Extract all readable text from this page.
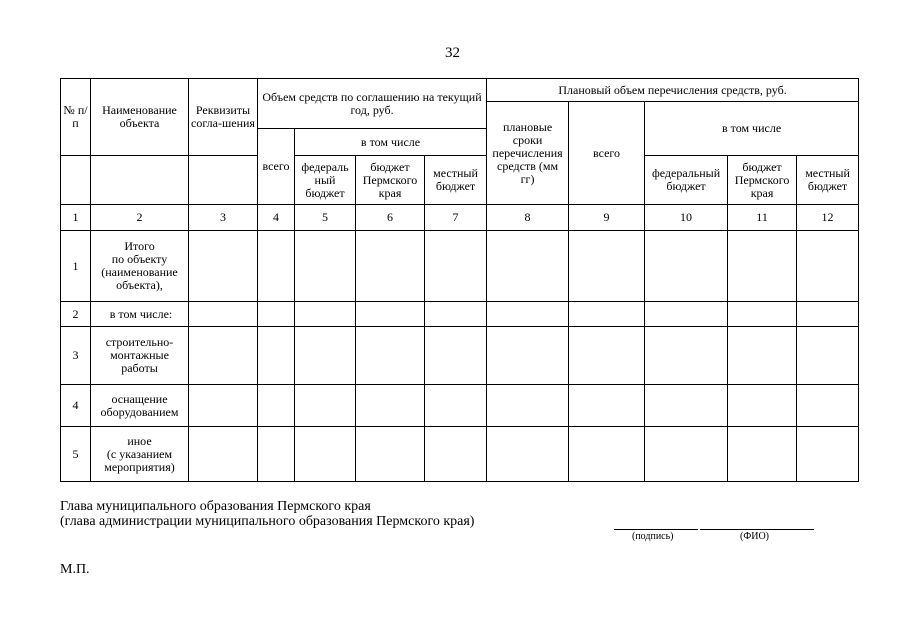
32
№ п/п	Наименование объекта	Реквизиты согла-шения	Объем средств по соглашению на текущий год, руб.				Плановый объем перечисления средств, руб.				
							плановые сроки перечисления средств (мм гг)	всего	в том числе		
			всего	в том числе							
				федераль ный бюджет	бюджет Пермского края	местный бюджет			федеральный бюджет	бюджет Пермского края	местный бюджет
1	2	3	4	5	6	7	8	9	10	11	12
1	Итого
по объекту
(наименование
объекта),										
2	в том числе:										
3	строительно-
монтажные
работы										
4	оснащение
оборудованием										
5	иное
(с указанием
мероприятия)										
Глава муниципального образования Пермского края
(глава администрации муниципального образования Пермского края)
(подпись)	(ФИО)
М.П.
